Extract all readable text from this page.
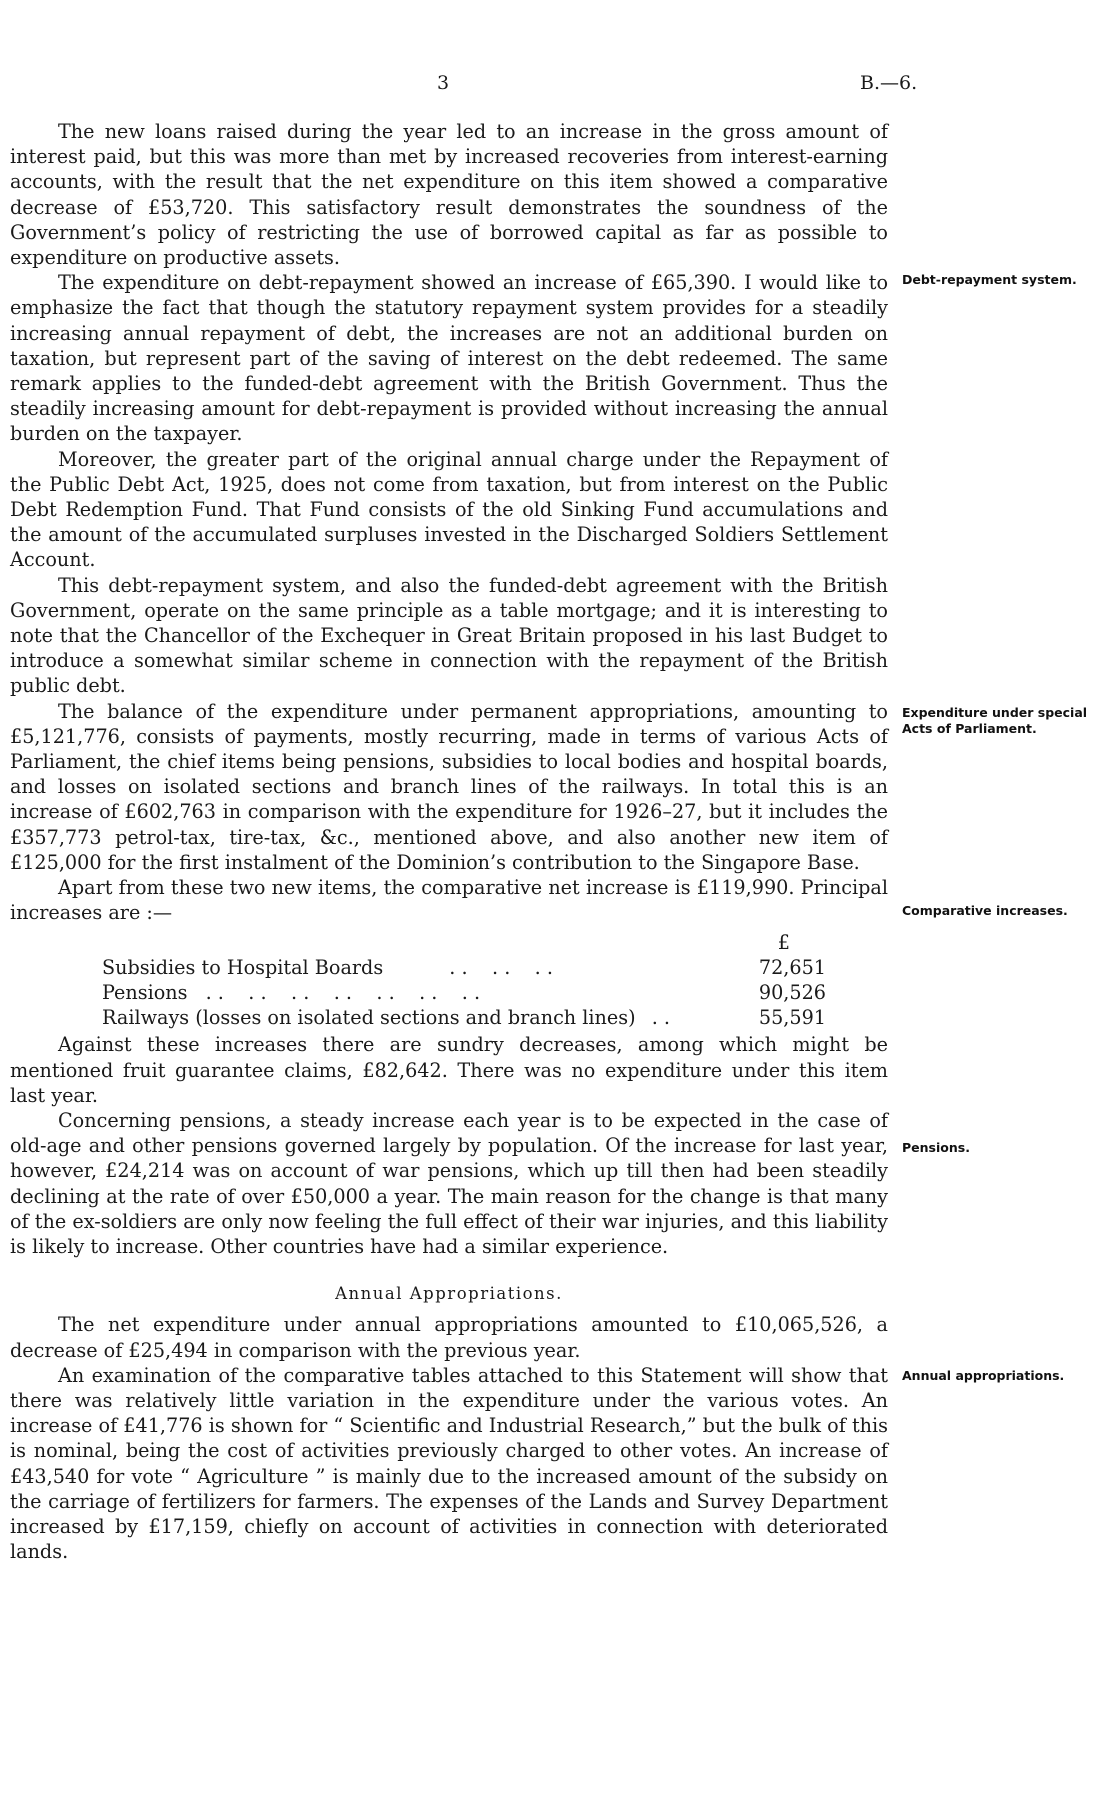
3	B.—6.

The new loans raised during the year led to an increase in the gross amount of interest paid, but this was more than met by increased recoveries from interest-earning accounts, with the result that the net expenditure on this item showed a comparative decrease of £53,720. This satisfactory result demonstrates the soundness of the Government’s policy of restricting the use of borrowed capital as far as possible to expenditure on productive assets.

The expenditure on debt-repayment showed an increase of £65,390. I would like to emphasize the fact that though the statutory repayment system provides for a steadily increasing annual repayment of debt, the increases are not an additional burden on taxation, but represent part of the saving of interest on the debt redeemed. The same remark applies to the funded-debt agreement with the British Government. Thus the steadily increasing amount for debt-repayment is provided without increasing the annual burden on the taxpayer.

Moreover, the greater part of the original annual charge under the Repayment of the Public Debt Act, 1925, does not come from taxation, but from interest on the Public Debt Redemption Fund. That Fund consists of the old Sinking Fund accumulations and the amount of the accumulated surpluses invested in the Discharged Soldiers Settlement Account.

This debt-repayment system, and also the funded-debt agreement with the British Government, operate on the same principle as a table mortgage; and it is interesting to note that the Chancellor of the Exchequer in Great Britain proposed in his last Budget to introduce a somewhat similar scheme in connection with the repayment of the British public debt.

The balance of the expenditure under permanent appropriations, amounting to £5,121,776, consists of payments, mostly recurring, made in terms of various Acts of Parliament, the chief items being pensions, subsidies to local bodies and hospital boards, and losses on isolated sections and branch lines of the railways. In total this is an increase of £602,763 in comparison with the expenditure for 1926–27, but it includes the £357,773 petrol-tax, tire-tax, &c., mentioned above, and also another new item of £125,000 for the first instalment of the Dominion’s contribution to the Singapore Base.

Apart from these two new items, the comparative net increase is £119,990. Principal increases are :—

	£
Subsidies to Hospital Boards . .    . .    . .	72,651
Pensions . .    . .    . .    . .    . .    . .    . .	90,526
Railways (losses on isolated sections and branch lines) . .	55,591

Against these increases there are sundry decreases, among which might be mentioned fruit guarantee claims, £82,642. There was no expenditure under this item last year.

Concerning pensions, a steady increase each year is to be expected in the case of old-age and other pensions governed largely by population. Of the increase for last year, however, £24,214 was on account of war pensions, which up till then had been steadily declining at the rate of over £50,000 a year. The main reason for the change is that many of the ex-soldiers are only now feeling the full effect of their war injuries, and this liability is likely to increase. Other countries have had a similar experience.

Annual Appropriations.

The net expenditure under annual appropriations amounted to £10,065,526, a decrease of £25,494 in comparison with the previous year.

An examination of the comparative tables attached to this Statement will show that there was relatively little variation in the expenditure under the various votes. An increase of £41,776 is shown for “ Scientific and Industrial Research,” but the bulk of this is nominal, being the cost of activities previously charged to other votes. An increase of £43,540 for vote “ Agriculture ” is mainly due to the increased amount of the subsidy on the carriage of fertilizers for farmers. The expenses of the Lands and Survey Department increased by £17,159, chiefly on account of activities in connection with deteriorated lands.

Debt-repayment system.
Expenditure under special Acts of Parliament.
Comparative increases.
Pensions.
Annual appropriations.
